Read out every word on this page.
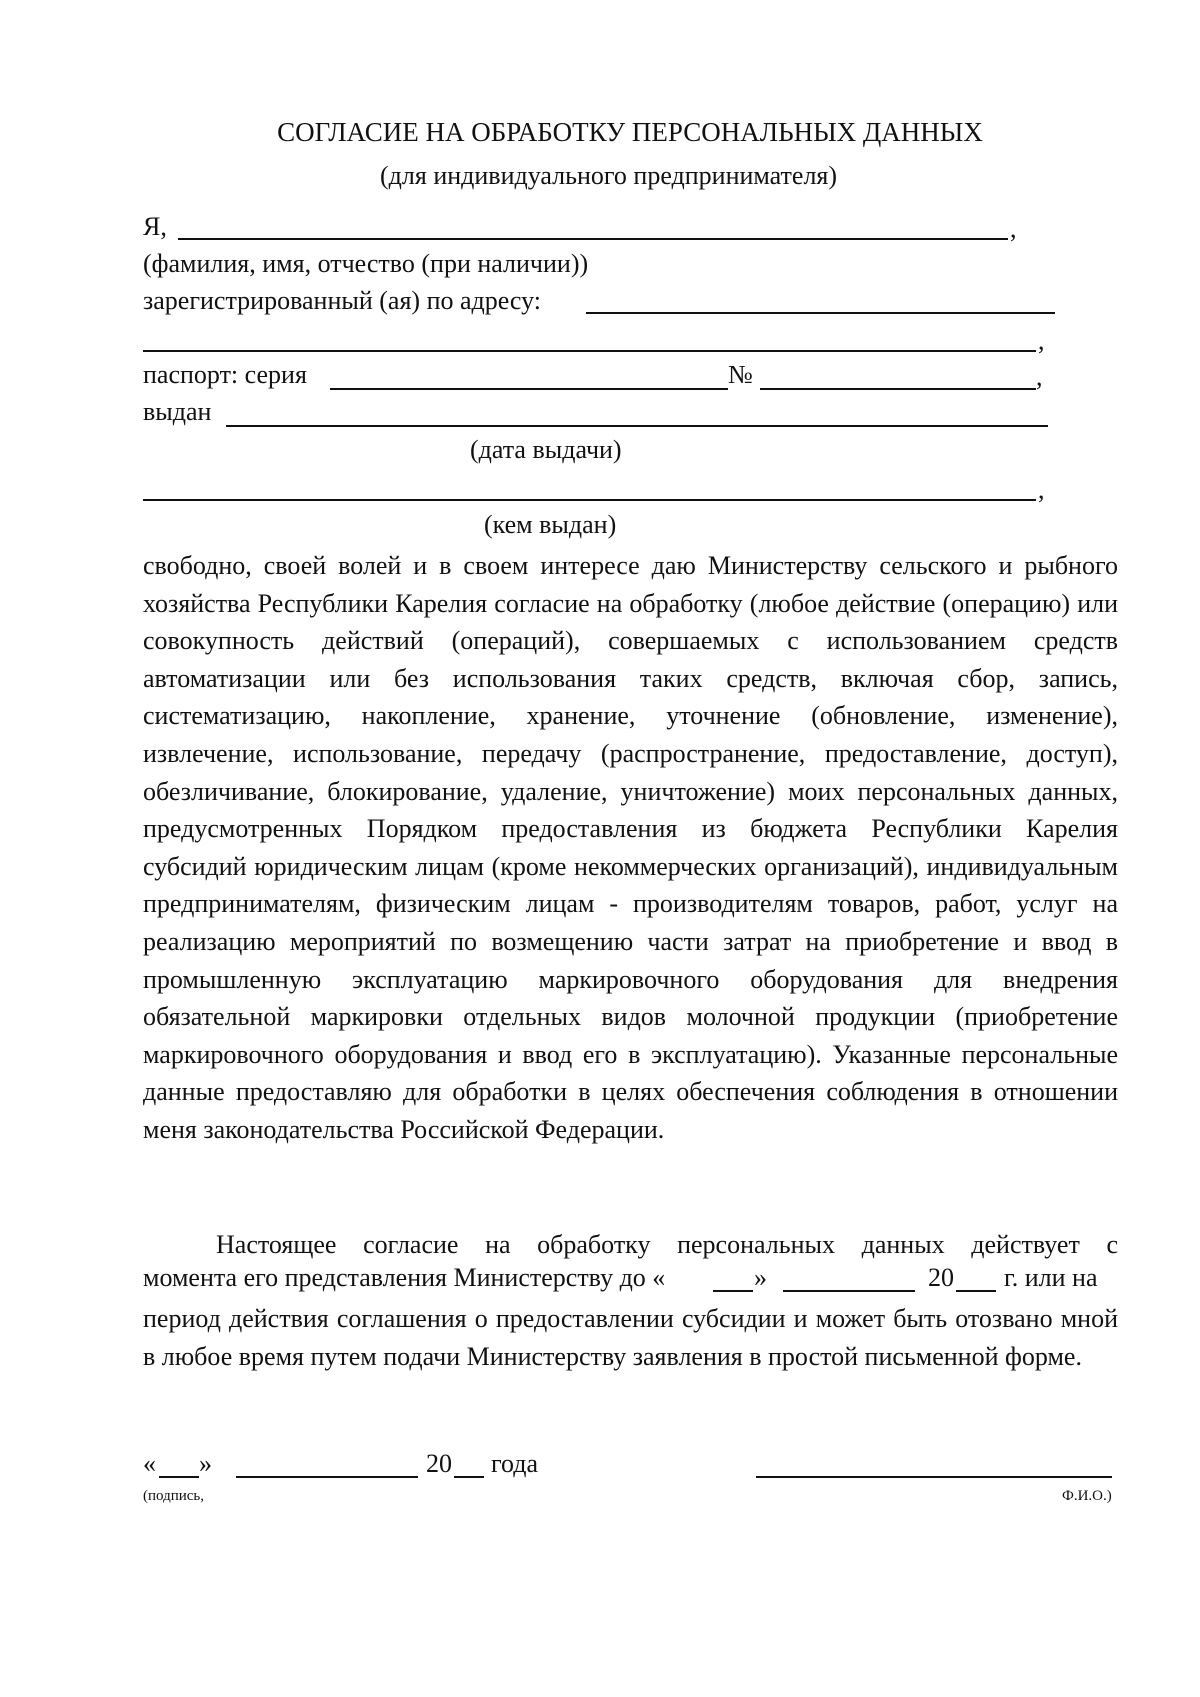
СОГЛАСИЕ НА ОБРАБОТКУ ПЕРСОНАЛЬНЫХ ДАННЫХ
(для индивидуального предпринимателя)
Я,	,
(фамилия, имя, отчество (при наличии))
зарегистрированный (ая) по адресу:
,
паспорт: серия	№	,
выдан
(дата выдачи)
,
(кем выдан)
свободно, своей волей и в своем интересе даю Министерству сельского и рыбного хозяйства Республики Карелия согласие на обработку (любое действие (операцию) или совокупность действий (операций), совершаемых с использованием средств автоматизации или без использования таких средств, включая сбор, запись, систематизацию, накопление, хранение, уточнение (обновление, изменение), извлечение, использование, передачу (распространение, предоставление, доступ), обезличивание, блокирование, удаление, уничтожение) моих персональных данных, предусмотренных Порядком предоставления из бюджета Республики Карелия субсидий юридическим лицам (кроме некоммерческих организаций), индивидуальным предпринимателям, физическим лицам - производителям товаров, работ, услуг на реализацию мероприятий по возмещению части затрат на приобретение и ввод в промышленную эксплуатацию маркировочного оборудования для внедрения обязательной маркировки отдельных видов молочной продукции (приобретение маркировочного оборудования и ввод его в эксплуатацию). Указанные персональные данные предоставляю для обработки в целях обеспечения соблюдения в отношении меня законодательства Российской Федерации.
Настоящее согласие на обработку персональных данных действует с
момента его представления Министерству до «	»	20 г. или на
период действия соглашения о предоставлении субсидии и может быть отозвано мной в любое время путем подачи Министерству заявления в простой письменной форме.
« »	20 года
(подпись,	Ф.И.О.)
